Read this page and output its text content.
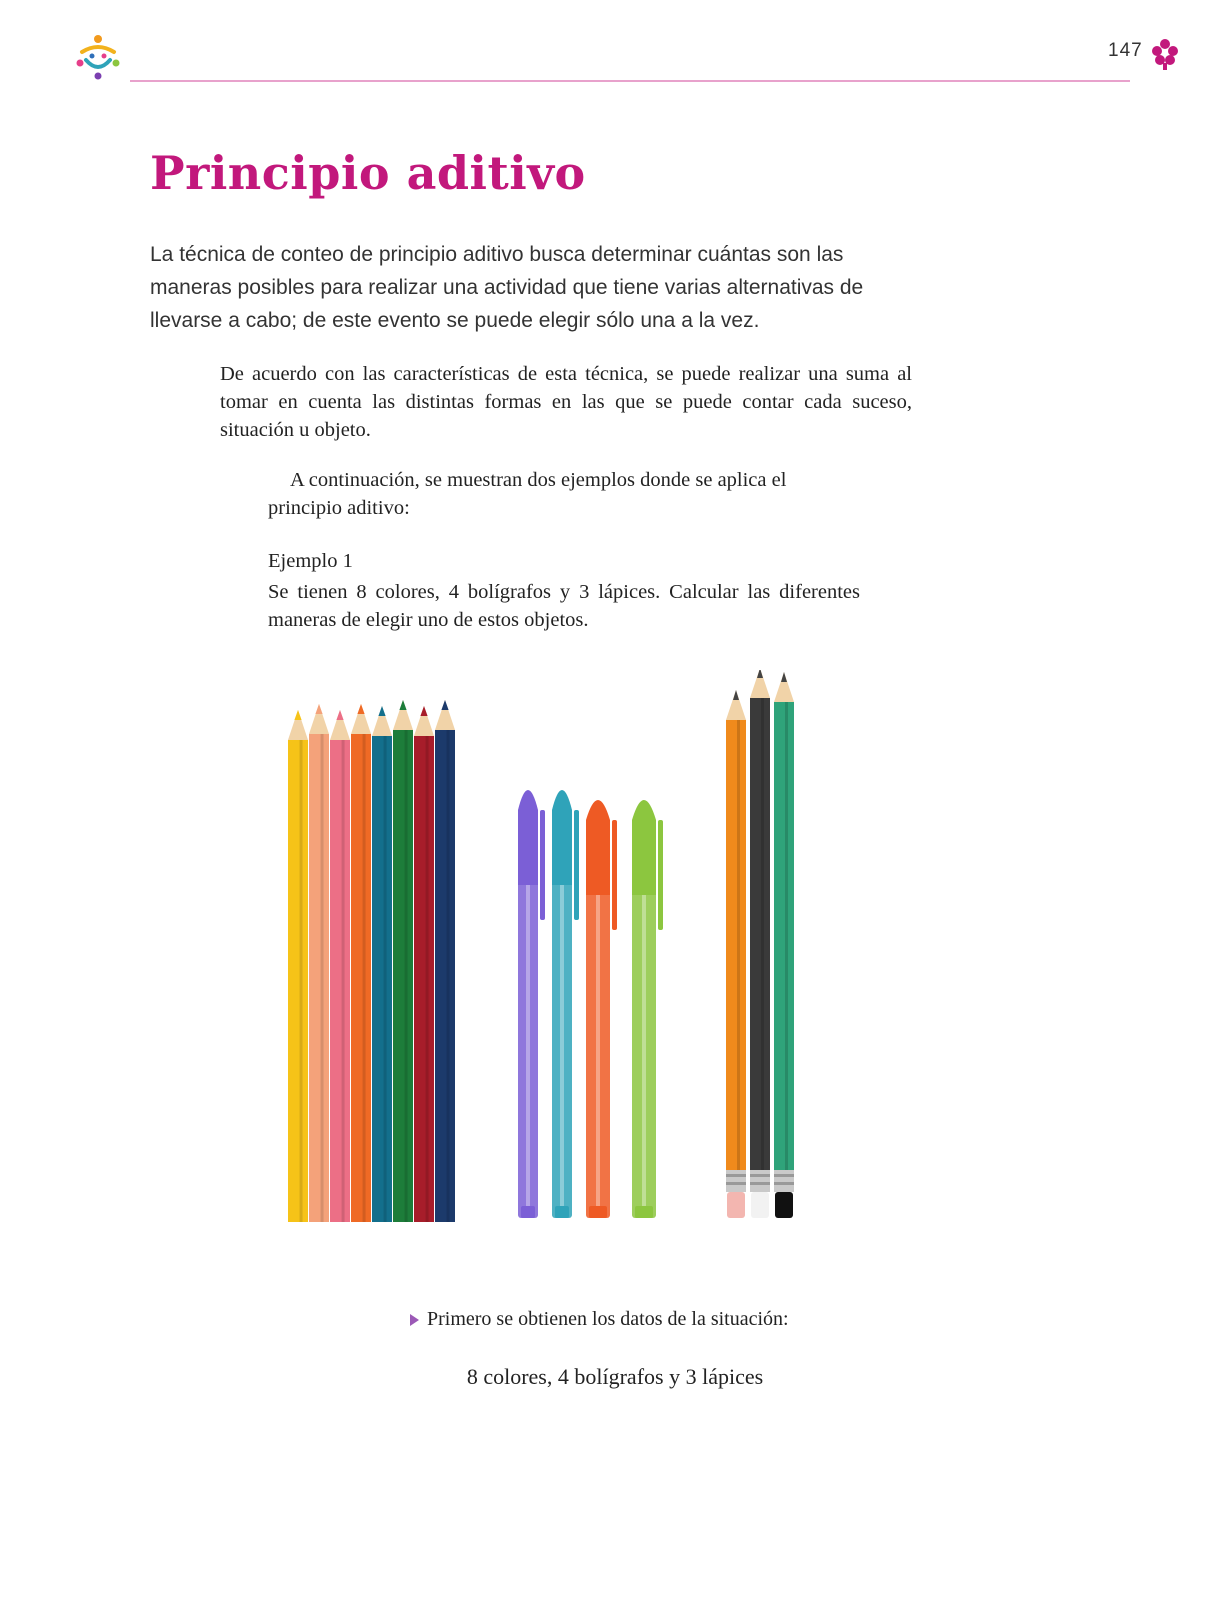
147
Principio aditivo

La técnica de conteo de principio aditivo busca determinar cuántas son las maneras posibles para realizar una actividad que tiene varias alternativas de llevarse a cabo; de este evento se puede elegir sólo una a la vez.

De acuerdo con las características de esta técnica, se puede realizar una suma al tomar en cuenta las distintas formas en las que se puede contar cada suceso, situación u objeto.

A continuación, se muestran dos ejemplos donde se aplica el principio aditivo:

Ejemplo 1

Se tienen 8 colores, 4 bolígrafos y 3 lápices. Calcular las diferentes maneras de elegir uno de estos objetos.

Primero se obtienen los datos de la situación:

8 colores, 4 bolígrafos y 3 lápices
